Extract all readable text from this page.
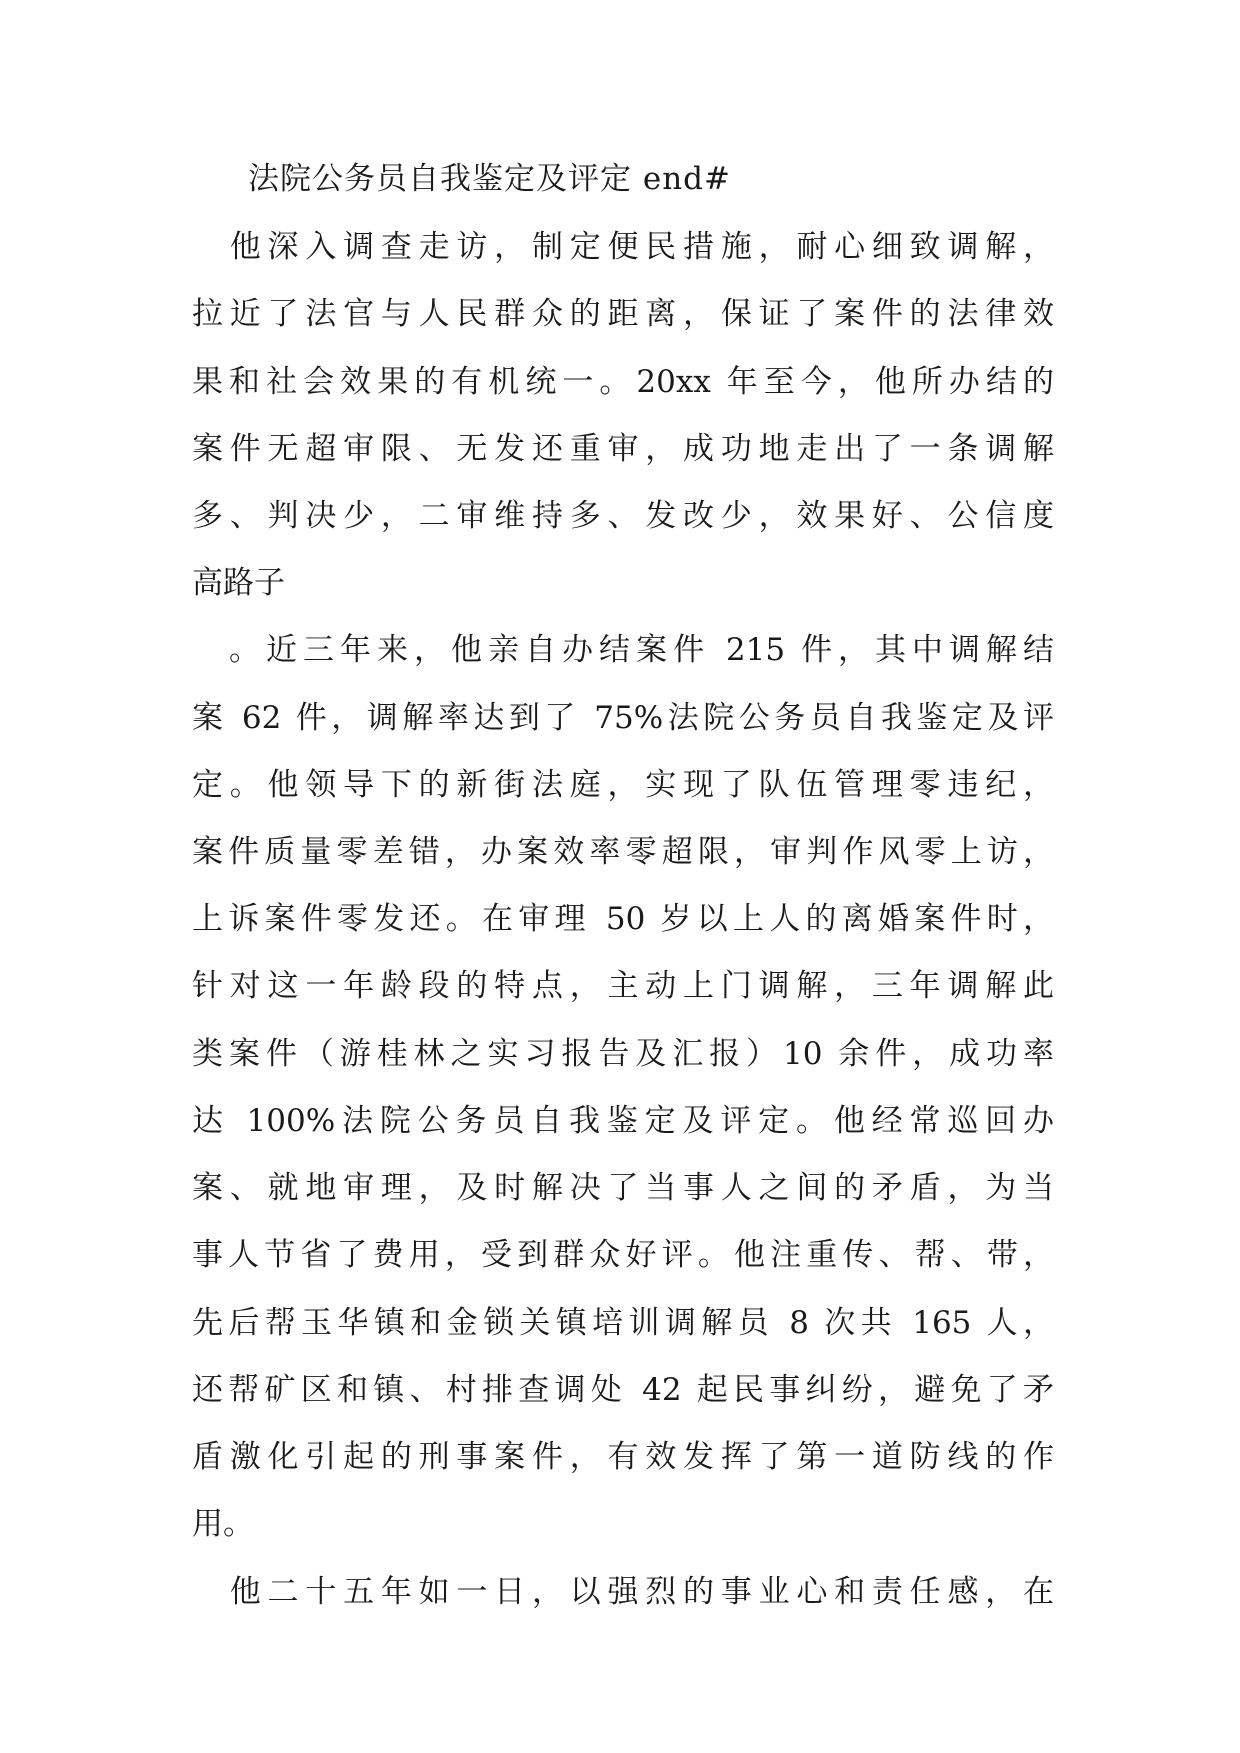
法院公务员自我鉴定及评定 end#
　他深入调查走访，制定便民措施，耐心细致调解，
拉近了法官与人民群众的距离，保证了案件的法律效
果和社会效果的有机统一。20xx 年至今，他所办结的
案件无超审限、无发还重审，成功地走出了一条调解
多、判决少，二审维持多、发改少，效果好、公信度
高路子
　。近三年来，他亲自办结案件 215 件，其中调解结
案 62 件，调解率达到了 75%法院公务员自我鉴定及评
定。他领导下的新街法庭，实现了队伍管理零违纪，
案件质量零差错，办案效率零超限，审判作风零上访，
上诉案件零发还。在审理 50 岁以上人的离婚案件时，
针对这一年龄段的特点，主动上门调解，三年调解此
类案件（游桂林之实习报告及汇报）10 余件，成功率
达 100%法院公务员自我鉴定及评定。他经常巡回办
案、就地审理，及时解决了当事人之间的矛盾，为当
事人节省了费用，受到群众好评。他注重传、帮、带，
先后帮玉华镇和金锁关镇培训调解员 8 次共 165 人，
还帮矿区和镇、村排查调处 42 起民事纠纷，避免了矛
盾激化引起的刑事案件，有效发挥了第一道防线的作
用。
　他二十五年如一日，以强烈的事业心和责任感，在
